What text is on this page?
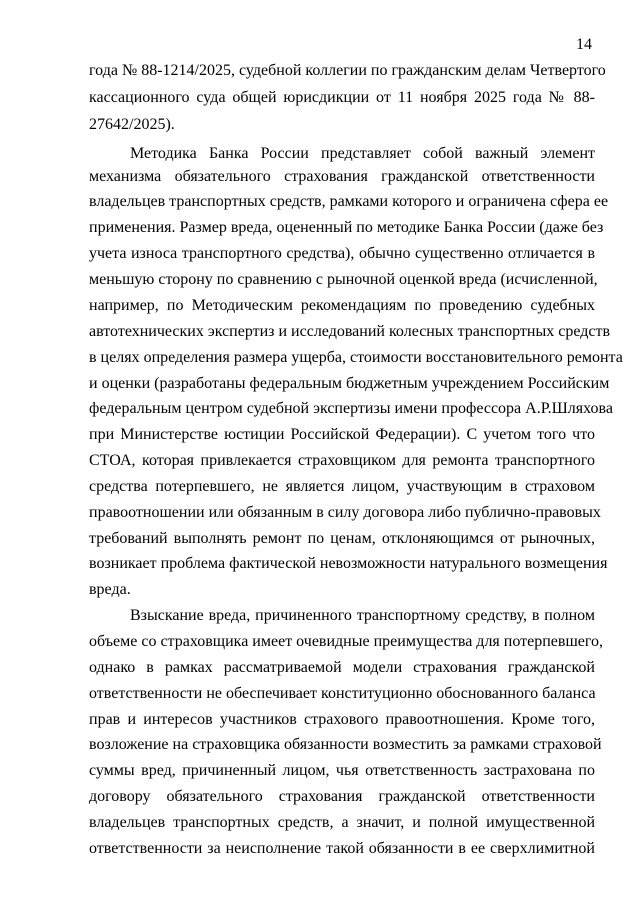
14
года № 88-1214/2025, судебной коллегии по гражданским делам Четвертого
кассационного суда общей юрисдикции от 11 ноября 2025 года № 88-
27642/2025).
Методика Банка России представляет собой важный элемент
механизма обязательного страхования гражданской ответственности
владельцев транспортных средств, рамками которого и ограничена сфера ее
применения. Размер вреда, оцененный по методике Банка России (даже без
учета износа транспортного средства), обычно существенно отличается в
меньшую сторону по сравнению с рыночной оценкой вреда (исчисленной,
например, по Методическим рекомендациям по проведению судебных
автотехнических экспертиз и исследований колесных транспортных средств
в целях определения размера ущерба, стоимости восстановительного ремонта
и оценки (разработаны федеральным бюджетным учреждением Российским
федеральным центром судебной экспертизы имени профессора А.Р.Шляхова
при Министерстве юстиции Российской Федерации). С учетом того что
СТОА, которая привлекается страховщиком для ремонта транспортного
средства потерпевшего, не является лицом, участвующим в страховом
правоотношении или обязанным в силу договора либо публично-правовых
требований выполнять ремонт по ценам, отклоняющимся от рыночных,
возникает проблема фактической невозможности натурального возмещения
вреда.
Взыскание вреда, причиненного транспортному средству, в полном
объеме со страховщика имеет очевидные преимущества для потерпевшего,
однако в рамках рассматриваемой модели страхования гражданской
ответственности не обеспечивает конституционно обоснованного баланса
прав и интересов участников страхового правоотношения. Кроме того,
возложение на страховщика обязанности возместить за рамками страховой
суммы вред, причиненный лицом, чья ответственность застрахована по
договору обязательного страхования гражданской ответственности
владельцев транспортных средств, а значит, и полной имущественной
ответственности за неисполнение такой обязанности в ее сверхлимитной
